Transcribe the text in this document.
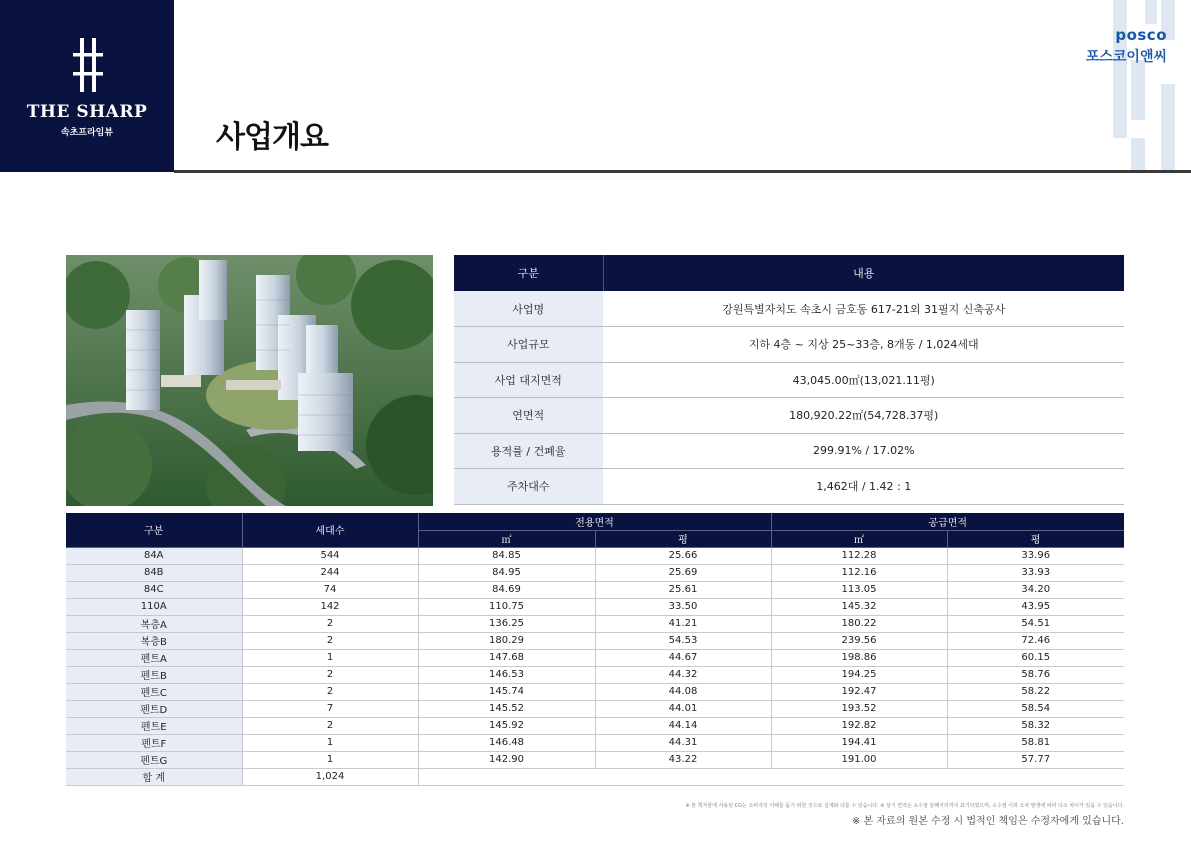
THE SHARP
속초프라임뷰	사업개요
posco
포스코이앤씨
구분	내용
사업명	강원특별자치도 속초시 금호동 617-21외 31필지 신축공사
사업규모	지하 4층 ~ 지상 25~33층, 8개동 / 1,024세대
사업 대지면적	43,045.00㎡(13,021.11평)
연면적	180,920.22㎡(54,728.37평)
용적률 / 건폐율	299.91% / 17.02%
주차대수	1,462대 / 1.42 : 1
구분	세대수	전용면적		공급면적	
		㎡	평	㎡	평
84A	544	84.85	25.66	112.28	33.96
84B	244	84.95	25.69	112.16	33.93
84C	74	84.69	25.61	113.05	34.20
110A	142	110.75	33.50	145.32	43.95
복층A	2	136.25	41.21	180.22	54.51
복층B	2	180.29	54.53	239.56	72.46
펜트A	1	147.68	44.67	198.86	60.15
펜트B	2	146.53	44.32	194.25	58.76
펜트C	2	145.74	44.08	192.47	58.22
펜트D	7	145.52	44.01	193.52	58.54
펜트E	2	145.92	44.14	192.82	58.32
펜트F	1	146.48	44.31	194.41	58.81
펜트G	1	142.90	43.22	191.00	57.77
합 계	1,024				
※ 본 책자물에 사용된 CG는 소비자의 이해를 돕기 위한 것으로 실제와 다를 수 있습니다. ※ 상기 면적은 소수점 둘째자리까지 표기하였으며, 소수점 이하 오차 발생에 따라 다소 차이가 있을 수 있습니다.
※ 본 자료의 원본 수정 시 법적인 책임은 수정자에게 있습니다.
